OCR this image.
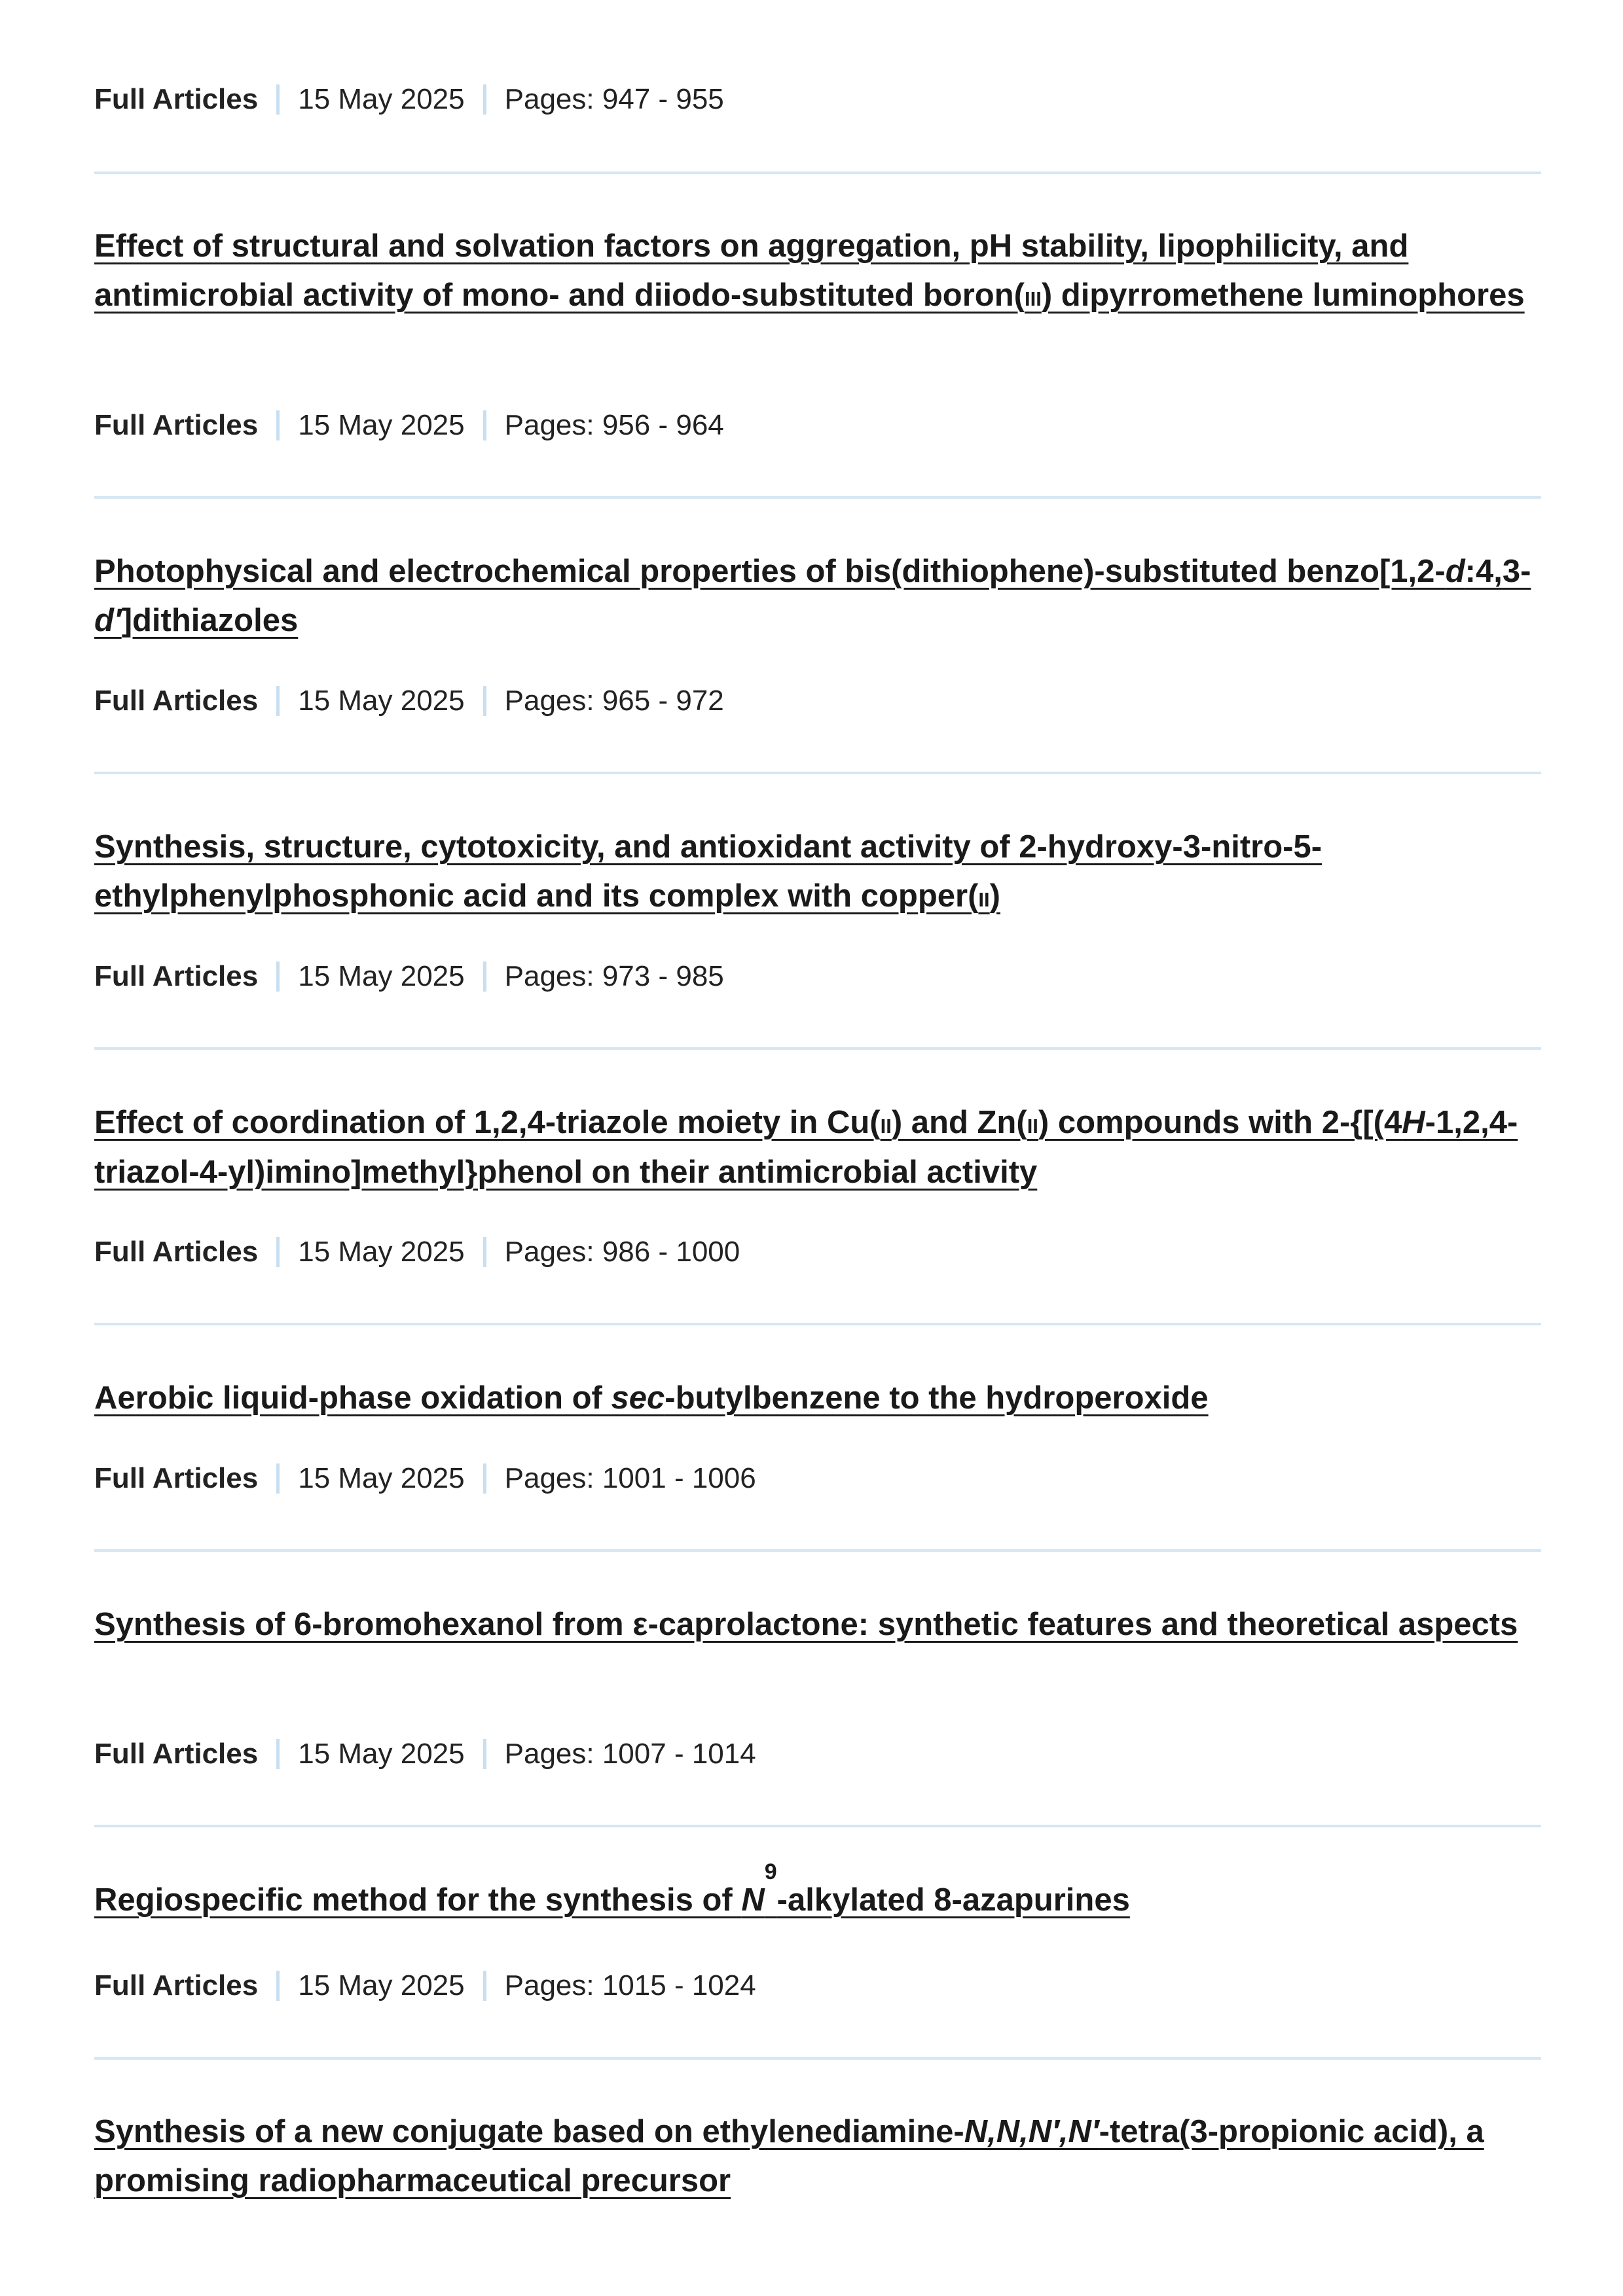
Full Articles 15 May 2025 Pages: 947 - 955
Effect of structural and solvation factors on aggregation, pH stability, lipophilicity, and antimicrobial activity of mono- and diiodo-substituted boron(iii) dipyrromethene luminophores
Full Articles 15 May 2025 Pages: 956 - 964
Photophysical and electrochemical properties of bis(dithiophene)-substituted benzo[1,2-d:4,3-d′]dithiazoles
Full Articles 15 May 2025 Pages: 965 - 972
Synthesis, structure, cytotoxicity, and antioxidant activity of 2-hydroxy-3-nitro-5-ethylphenylphosphonic acid and its complex with copper(ii)
Full Articles 15 May 2025 Pages: 973 - 985
Effect of coordination of 1,2,4-triazole moiety in Cu(ii) and Zn(ii) compounds with 2-{[(4H-1,2,4-triazol-4-yl)imino]methyl}phenol on their antimicrobial activity
Full Articles 15 May 2025 Pages: 986 - 1000
Aerobic liquid-phase oxidation of sec-butylbenzene to the hydroperoxide
Full Articles 15 May 2025 Pages: 1001 - 1006
Synthesis of 6-bromohexanol from ε-caprolactone: synthetic features and theoretical aspects
Full Articles 15 May 2025 Pages: 1007 - 1014
Regiospecific method for the synthesis of $N^9$-alkylated 8-azapurines
Full Articles 15 May 2025 Pages: 1015 - 1024
Synthesis of a new conjugate based on ethylenediamine-N,N,N′,N′-tetra(3-propionic acid), a promising radiopharmaceutical precursor
